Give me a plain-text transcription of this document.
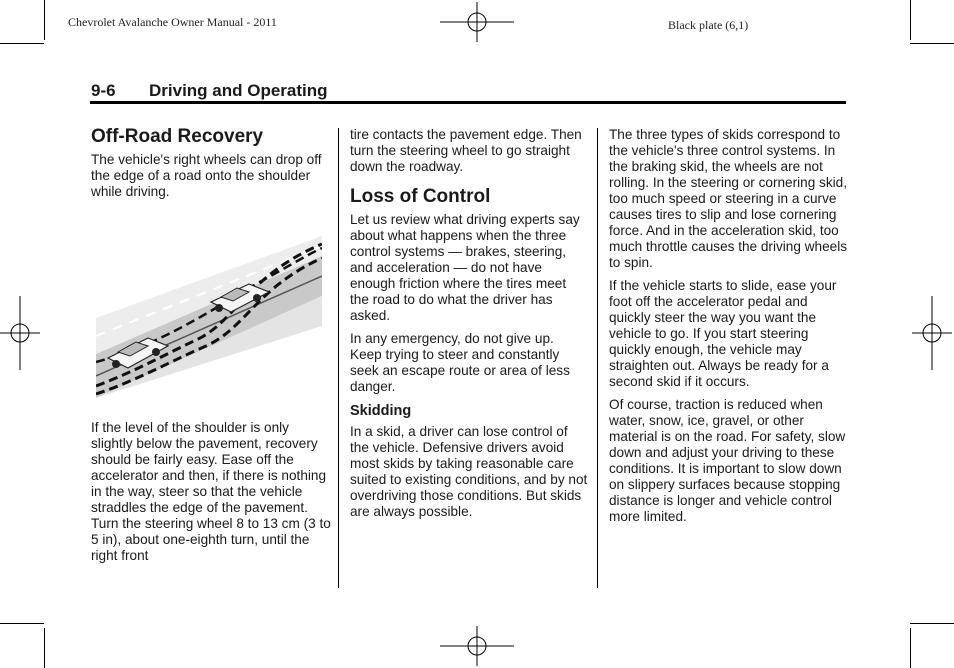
Chevrolet Avalanche Owner Manual - 2011	Black plate (6,1)
9-6 Driving and Operating
Off-Road Recovery

The vehicle's right wheels can drop off the edge of a road onto the shoulder while driving.

If the level of the shoulder is only slightly below the pavement, recovery should be fairly easy. Ease off the accelerator and then, if there is nothing in the way, steer so that the vehicle straddles the edge of the pavement. Turn the steering wheel 8 to 13 cm (3 to 5 in), about one-eighth turn, until the right front

tire contacts the pavement edge. Then turn the steering wheel to go straight down the roadway.

Loss of Control

Let us review what driving experts say about what happens when the three control systems — brakes, steering, and acceleration — do not have enough friction where the tires meet the road to do what the driver has asked.

In any emergency, do not give up. Keep trying to steer and constantly seek an escape route or area of less danger.

Skidding

In a skid, a driver can lose control of the vehicle. Defensive drivers avoid most skids by taking reasonable care suited to existing conditions, and by not overdriving those conditions. But skids are always possible.

The three types of skids correspond to the vehicle's three control systems. In the braking skid, the wheels are not rolling. In the steering or cornering skid, too much speed or steering in a curve causes tires to slip and lose cornering force. And in the acceleration skid, too much throttle causes the driving wheels to spin.

If the vehicle starts to slide, ease your foot off the accelerator pedal and quickly steer the way you want the vehicle to go. If you start steering quickly enough, the vehicle may straighten out. Always be ready for a second skid if it occurs.

Of course, traction is reduced when water, snow, ice, gravel, or other material is on the road. For safety, slow down and adjust your driving to these conditions. It is important to slow down on slippery surfaces because stopping distance is longer and vehicle control more limited.
